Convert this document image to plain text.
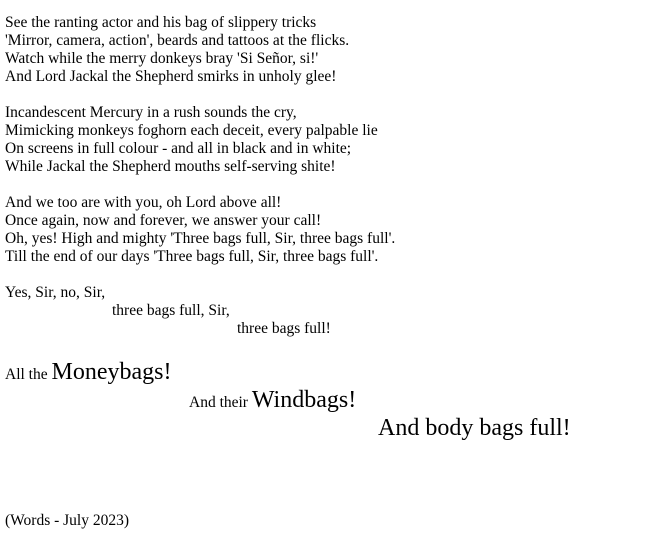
See the ranting actor and his bag of slippery tricks
'Mirror, camera, action', beards and tattoos at the flicks.
Watch while the merry donkeys bray 'Si Señor, si!'
And Lord Jackal the Shepherd smirks in unholy glee!
Incandescent Mercury in a rush sounds the cry,
Mimicking monkeys foghorn each deceit, every palpable lie
On screens in full colour - and all in black and in white;
While Jackal the Shepherd mouths self-serving shite!
And we too are with you, oh Lord above all!
Once again, now and forever, we answer your call!
Oh, yes! High and mighty 'Three bags full, Sir, three bags full'.
Till the end of our days 'Three bags full, Sir, three bags full'.
Yes, Sir, no, Sir,
three bags full, Sir,
three bags full!
All the Moneybags!
And their Windbags!
And body bags full!
(Words - July 2023)
